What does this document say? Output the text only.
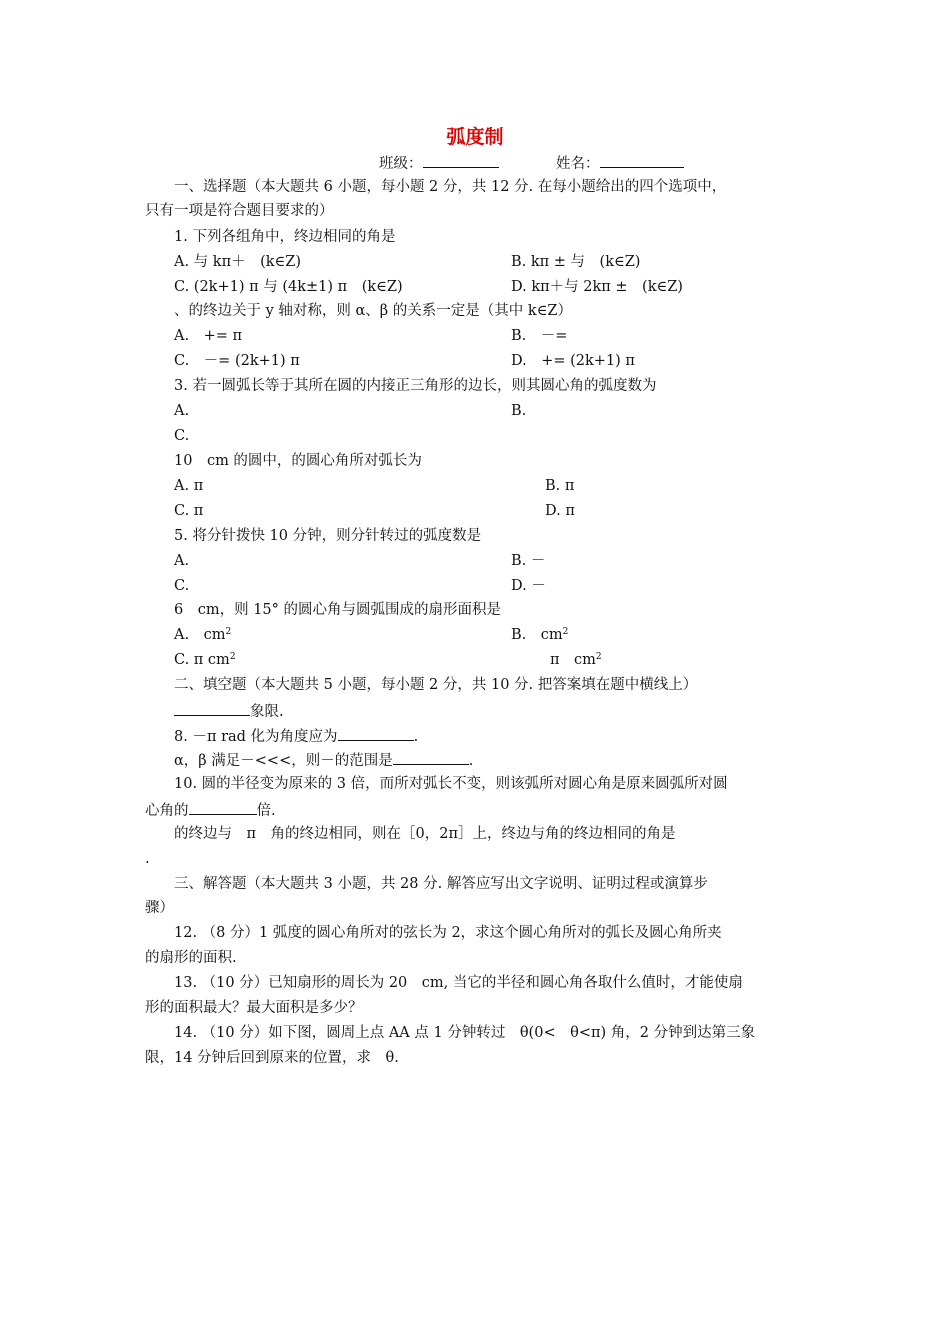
弧度制
班级：	姓名：
一、选择题（本大题共 6 小题，每小题 2 分，共 12 分. 在每小题给出的四个选项中，
只有一项是符合题目要求的）
1. 下列各组角中，终边相同的角是
A. 与 kπ＋　(k∈Z)	B. kπ ± 与　(k∈Z)
C. (2k+1) π 与 (4k±1) π　(k∈Z)	D. kπ＋与 2kπ ±　(k∈Z)
、的终边关于 y 轴对称，则 α、β 的关系一定是（其中 k∈Z）
A.　+= π	B.　－=
C.　－= (2k+1) π	D.　+= (2k+1) π
3. 若一圆弧长等于其所在圆的内接正三角形的边长，则其圆心角的弧度数为
A.	B.
C.
10　cm 的圆中，的圆心角所对弧长为
A. π	B. π
C. π	D. π
5. 将分针拨快 10 分钟，则分针转过的弧度数是
A.	B. －
C.	D. －
6　cm，则 15° 的圆心角与圆弧围成的扇形面积是
A.　$cm^2$	B.　$cm^2$
C. π $cm^2$	π　$cm^2$
二、填空题（本大题共 5 小题，每小题 2 分，共 10 分. 把答案填在题中横线上）
象限.
8. －π rad 化为角度应为	.
α，β 满足－<<<，则－的范围是	.
10. 圆的半径变为原来的 3 倍，而所对弧长不变，则该弧所对圆心角是原来圆弧所对圆
心角的	倍.
的终边与　π　角的终边相同，则在［0，2π］上，终边与角的终边相同的角是
.
三、解答题（本大题共 3 小题，共 28 分. 解答应写出文字说明、证明过程或演算步
骤）
12. （8 分）1 弧度的圆心角所对的弦长为 2，求这个圆心角所对的弧长及圆心角所夹
的扇形的面积.
13. （10 分）已知扇形的周长为 20　cm, 当它的半径和圆心角各取什么值时，才能使扇
形的面积最大？最大面积是多少？
14. （10 分）如下图，圆周上点 AA 点 1 分钟转过　θ(0<　θ<π) 角，2 分钟到达第三象
限，14 分钟后回到原来的位置，求　θ.
